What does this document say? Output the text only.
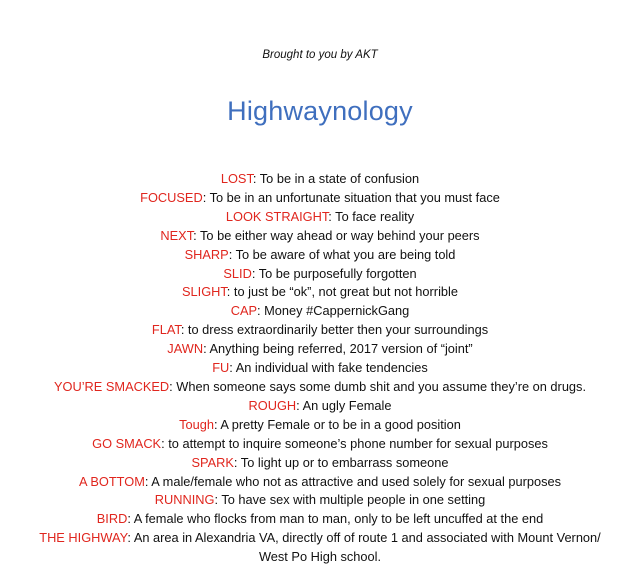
Brought to you by AKT
Highwaynology
LOST: To be in a state of confusion
FOCUSED: To be in an unfortunate situation that you must face
LOOK STRAIGHT: To face reality
NEXT: To be either way ahead or way behind your peers
SHARP: To be aware of what you are being told
SLID: To be purposefully forgotten
SLIGHT: to just be “ok”, not great but not horrible
CAP: Money #CappernickGang
FLAT: to dress extraordinarily better then your surroundings
JAWN: Anything being referred, 2017 version of “joint”
FU: An individual with fake tendencies
YOU’RE SMACKED: When someone says some dumb shit and you assume they’re on drugs.
ROUGH: An ugly Female
Tough: A pretty Female or to be in a good position
GO SMACK: to attempt to inquire someone’s phone number for sexual purposes
SPARK: To light up or to embarrass someone
A BOTTOM: A male/female who not as attractive and used solely for sexual purposes
RUNNING: To have sex with multiple people in one setting
BIRD: A female who flocks from man to man, only to be left uncuffed at the end
THE HIGHWAY: An area in Alexandria VA, directly off of route 1 and associated with Mount Vernon/ West Po High school.
